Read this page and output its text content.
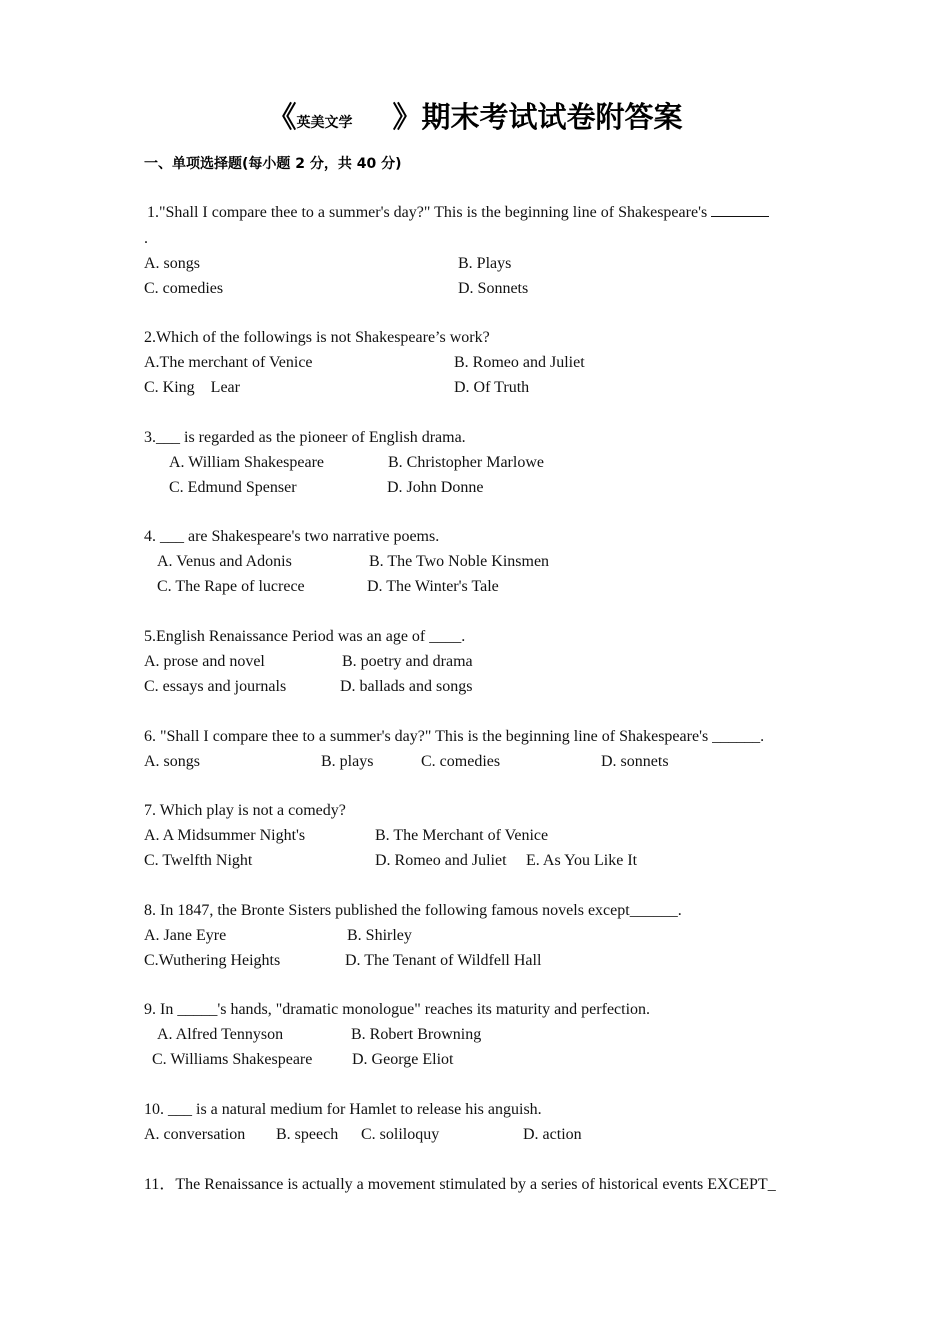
《英美文学 》期末考试试卷附答案
一、单项选择题(每小题 2 分，共 40 分)
1."Shall I compare thee to a summer's day?" This is the beginning line of Shakespeare's
.
A. songs	B. Plays
C. comedies	D. Sonnets
2.Which of the followings is not Shakespeare’s work?
A.The merchant of Venice	B. Romeo and Juliet
C. King    Lear	D. Of Truth
3.___ is regarded as the pioneer of English drama.
A. William Shakespeare	B. Christopher Marlowe
C. Edmund Spenser	D. John Donne
4. ___ are Shakespeare's two narrative poems.
A. Venus and Adonis	B. The Two Noble Kinsmen
C. The Rape of lucrece	D. The Winter's Tale
5.English Renaissance Period was an age of ____.
A. prose and novel	B. poetry and drama
C. essays and journals	D. ballads and songs
6. "Shall I compare thee to a summer's day?" This is the beginning line of Shakespeare's ______.
A. songs	B. plays	C. comedies	D. sonnets
7. Which play is not a comedy?
A. A Midsummer Night's	B. The Merchant of Venice
C. Twelfth Night	D. Romeo and Juliet E. As You Like It
8. In 1847, the Bronte Sisters published the following famous novels except______.
A. Jane Eyre	B. Shirley
C.Wuthering Heights	D. The Tenant of Wildfell Hall
9. In _____'s hands, "dramatic monologue" reaches its maturity and perfection.
A. Alfred Tennyson	B. Robert Browning
C. Williams Shakespeare D. George Eliot
10. ___ is a natural medium for Hamlet to release his anguish.
A. conversation B. speech C. soliloquy	D. action
11．The Renaissance is actually a movement stimulated by a series of historical events EXCEPT_
